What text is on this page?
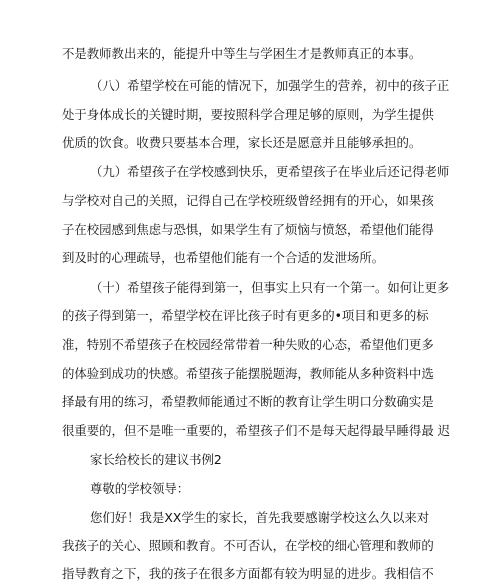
不是教师教出来的，能提升中等生与学困生才是教师真正的本事。
（八）希望学校在可能的情况下，加强学生的营养，初中的孩子正
处于身体成长的关键时期，要按照科学合理足够的原则，为学生提供
优质的饮食。收费只要基本合理，家长还是愿意并且能够承担的。
（九）希望孩子在学校感到快乐，更希望孩子在毕业后还记得老师
与学校对自己的关照，记得自己在学校班级曾经拥有的开心，如果孩
子在校园感到焦虑与恐惧，如果学生有了烦恼与愤怒，希望他们能得
到及时的心理疏导，也希望他们能有一个合适的发泄场所。
（十）希望孩子能得到第一，但事实上只有一个第一。如何让更多
的孩子得到第一，希望学校在评比孩子时有更多的•项目和更多的标
准，特别不希望孩子在校园经常带着一种失败的心态，希望他们更多
的体验到成功的快感。希望孩子能摆脱题海，教师能从多种资料中选
择最有用的练习，希望教师能通过不断的教育让学生明口分数确实是
很重要的，但不是唯一重要的，希望孩子们不是每天起得最早睡得最 迟
家长给校长的建议书例2
尊敬的学校领导：
您们好！我是XX学生的家长，首先我要感谢学校这么久以来对
我孩子的关心、照顾和教育。不可否认，在学校的细心管理和教师的
指导教育之下，我的孩子在很多方面都有较为明显的进步。我相信不
